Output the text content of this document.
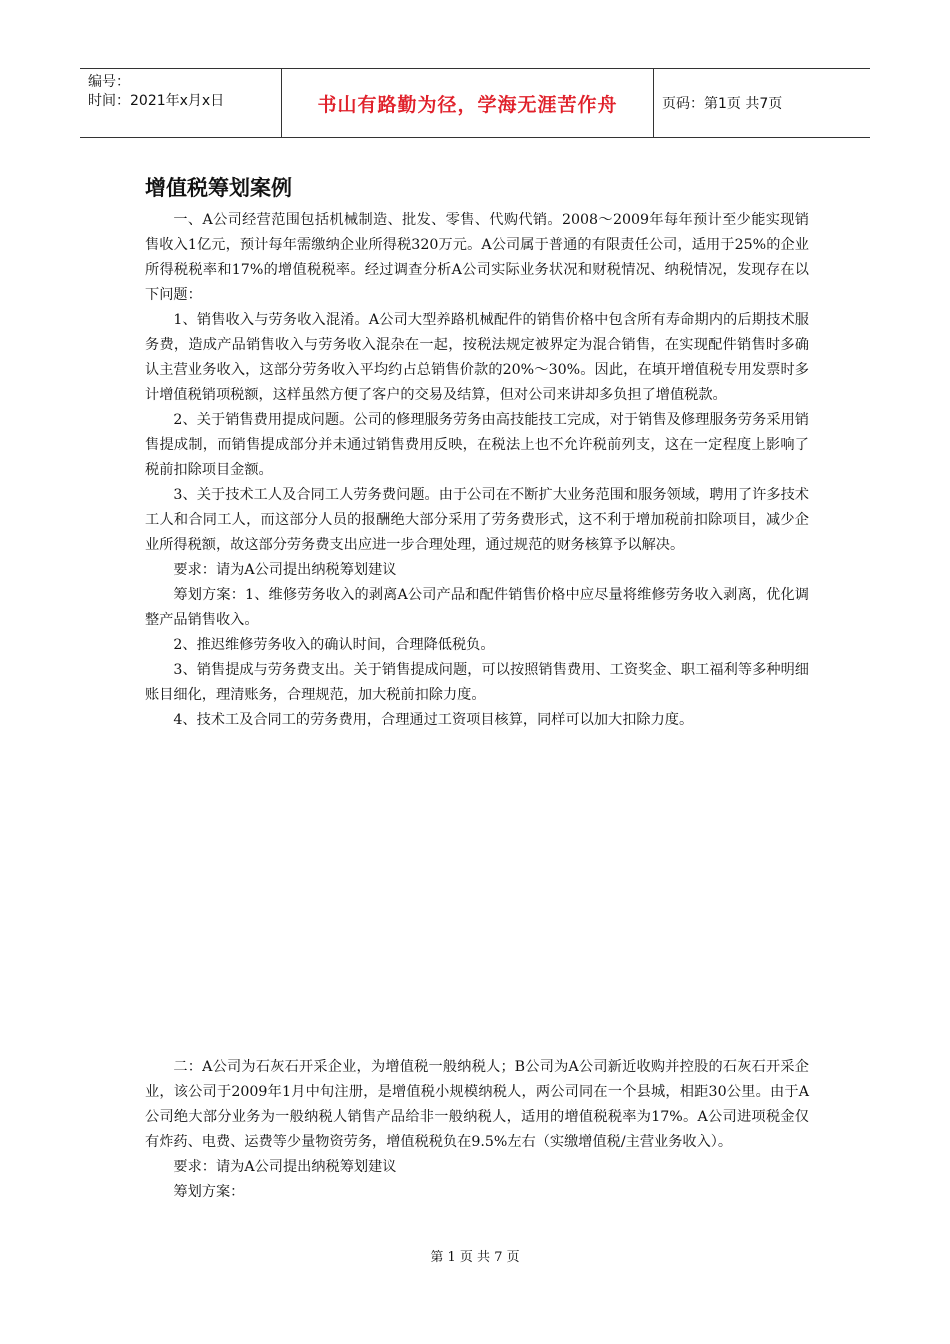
编号：
时间：2021年x月x日	书山有路勤为径，学海无涯苦作舟	页码：第1页 共7页
增值税筹划案例

一、A公司经营范围包括机械制造、批发、零售、代购代销。2008～2009年每年预计至少能实现销售收入1亿元，预计每年需缴纳企业所得税320万元。A公司属于普通的有限责任公司，适用于25%的企业所得税税率和17%的增值税税率。经过调查分析A公司实际业务状况和财税情况、纳税情况，发现存在以下问题：

1、销售收入与劳务收入混淆。A公司大型养路机械配件的销售价格中包含所有寿命期内的后期技术服务费，造成产品销售收入与劳务收入混杂在一起，按税法规定被界定为混合销售，在实现配件销售时多确认主营业务收入，这部分劳务收入平均约占总销售价款的20%～30%。因此，在填开增值税专用发票时多计增值税销项税额，这样虽然方便了客户的交易及结算，但对公司来讲却多负担了增值税款。

2、关于销售费用提成问题。公司的修理服务劳务由高技能技工完成，对于销售及修理服务劳务采用销售提成制，而销售提成部分并未通过销售费用反映，在税法上也不允许税前列支，这在一定程度上影响了税前扣除项目金额。

3、关于技术工人及合同工人劳务费问题。由于公司在不断扩大业务范围和服务领域，聘用了许多技术工人和合同工人，而这部分人员的报酬绝大部分采用了劳务费形式，这不利于增加税前扣除项目，减少企业所得税额，故这部分劳务费支出应进一步合理处理，通过规范的财务核算予以解决。

要求：请为A公司提出纳税筹划建议

筹划方案：1、维修劳务收入的剥离A公司产品和配件销售价格中应尽量将维修劳务收入剥离，优化调整产品销售收入。

2、推迟维修劳务收入的确认时间，合理降低税负。

3、销售提成与劳务费支出。关于销售提成问题，可以按照销售费用、工资奖金、职工福利等多种明细账目细化，理清账务，合理规范，加大税前扣除力度。

4、技术工及合同工的劳务费用，合理通过工资项目核算，同样可以加大扣除力度。

二：A公司为石灰石开采企业，为增值税一般纳税人；B公司为A公司新近收购并控股的石灰石开采企业，该公司于2009年1月中旬注册，是增值税小规模纳税人，两公司同在一个县城，相距30公里。由于A公司绝大部分业务为一般纳税人销售产品给非一般纳税人，适用的增值税税率为17%。A公司进项税金仅有炸药、电费、运费等少量物资劳务，增值税税负在9.5%左右（实缴增值税/主营业务收入）。

要求：请为A公司提出纳税筹划建议

筹划方案：

第 1 页 共 7 页
